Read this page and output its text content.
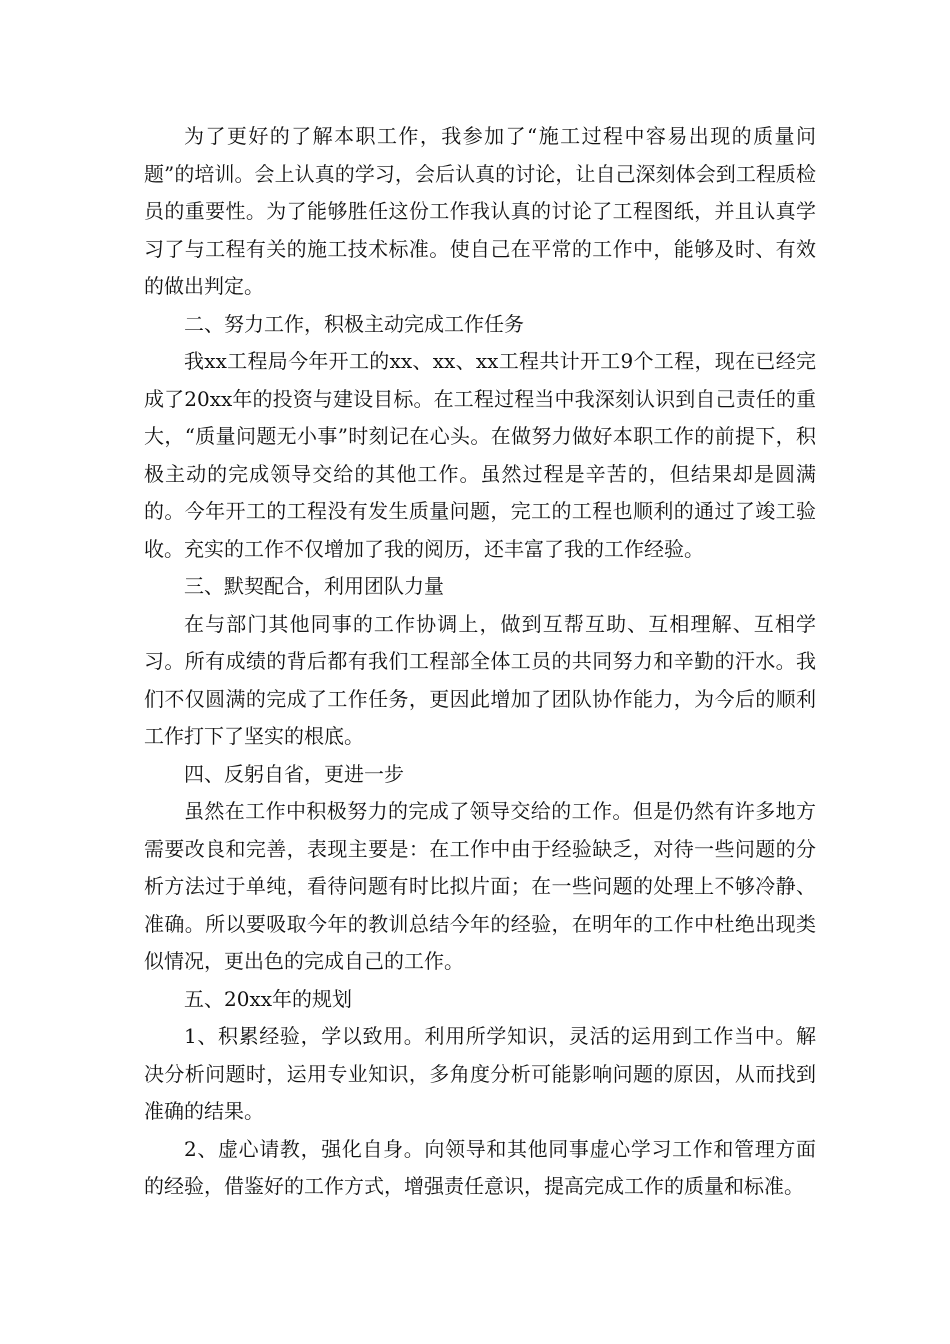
为了更好的了解本职工作，我参加了“施工过程中容易出现的质量问题”的培训。会上认真的学习，会后认真的讨论，让自己深刻体会到工程质检员的重要性。为了能够胜任这份工作我认真的讨论了工程图纸，并且认真学习了与工程有关的施工技术标准。使自己在平常的工作中，能够及时、有效的做出判定。

二、努力工作，积极主动完成工作任务

我xx工程局今年开工的xx、xx、xx工程共计开工9个工程，现在已经完成了20xx年的投资与建设目标。在工程过程当中我深刻认识到自己责任的重大，“质量问题无小事”时刻记在心头。在做努力做好本职工作的前提下，积极主动的完成领导交给的其他工作。虽然过程是辛苦的，但结果却是圆满的。今年开工的工程没有发生质量问题，完工的工程也顺利的通过了竣工验收。充实的工作不仅增加了我的阅历，还丰富了我的工作经验。

三、默契配合，利用团队力量

在与部门其他同事的工作协调上，做到互帮互助、互相理解、互相学习。所有成绩的背后都有我们工程部全体工员的共同努力和辛勤的汗水。我们不仅圆满的完成了工作任务，更因此增加了团队协作能力，为今后的顺利工作打下了坚实的根底。

四、反躬自省，更进一步

虽然在工作中积极努力的完成了领导交给的工作。但是仍然有许多地方需要改良和完善，表现主要是：在工作中由于经验缺乏，对待一些问题的分析方法过于单纯，看待问题有时比拟片面；在一些问题的处理上不够冷静、准确。所以要吸取今年的教训总结今年的经验，在明年的工作中杜绝出现类似情况，更出色的完成自己的工作。

五、20xx年的规划

1、积累经验，学以致用。利用所学知识，灵活的运用到工作当中。解决分析问题时，运用专业知识，多角度分析可能影响问题的原因，从而找到准确的结果。

2、虚心请教，强化自身。向领导和其他同事虚心学习工作和管理方面的经验，借鉴好的工作方式，增强责任意识，提高完成工作的质量和标准。
